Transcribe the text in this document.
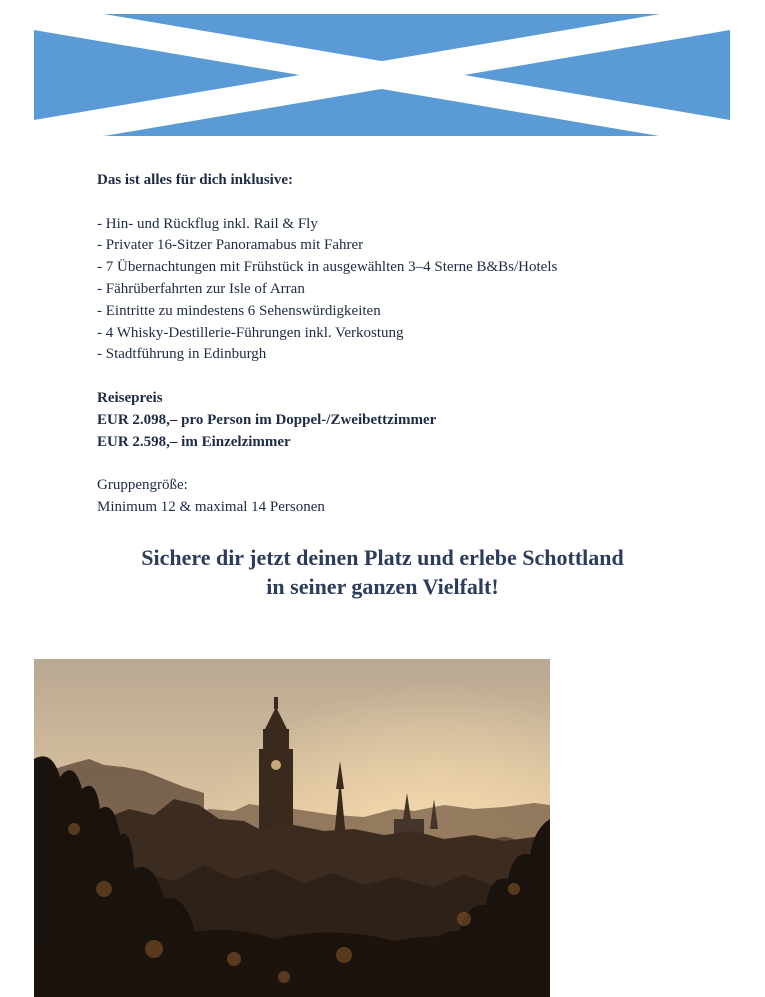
Das ist alles für dich inklusive:

- Hin- und Rückflug inkl. Rail & Fly
- Privater 16-Sitzer Panoramabus mit Fahrer
- 7 Übernachtungen mit Frühstück in ausgewählten 3–4 Sterne B&Bs/Hotels
- Fährüberfahrten zur Isle of Arran
- Eintritte zu mindestens 6 Sehenswürdigkeiten
- 4 Whisky-Destillerie-Führungen inkl. Verkostung
- Stadtführung in Edinburgh
Reisepreis
EUR 2.098,– pro Person im Doppel-/Zweibettzimmer
EUR 2.598,– im Einzelzimmer
Gruppengröße:
Minimum 12 & maximal 14 Personen
Sichere dir jetzt deinen Platz und erlebe Schottland
in seiner ganzen Vielfalt!
